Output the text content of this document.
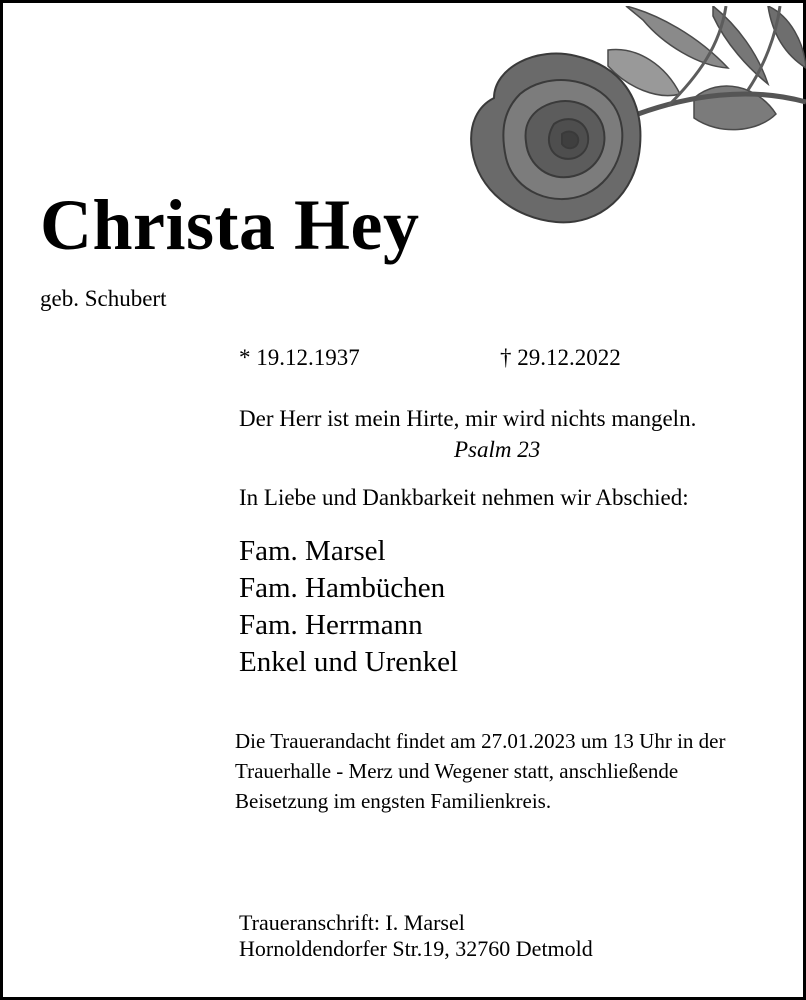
Christa Hey
geb. Schubert
* 19.12.1937	† 29.12.2022
Der Herr ist mein Hirte, mir wird nichts mangeln.
Psalm 23
In Liebe und Dankbarkeit nehmen wir Abschied:
Fam. Marsel
Fam. Hambüchen
Fam. Herrmann
Enkel und Urenkel
Die Trauerandacht findet am 27.01.2023 um 13 Uhr in der Trauerhalle - Merz und Wegener statt, anschließende Beisetzung im engsten Familienkreis.
Traueranschrift: I. Marsel
Hornoldendorfer Str.19, 32760 Detmold
